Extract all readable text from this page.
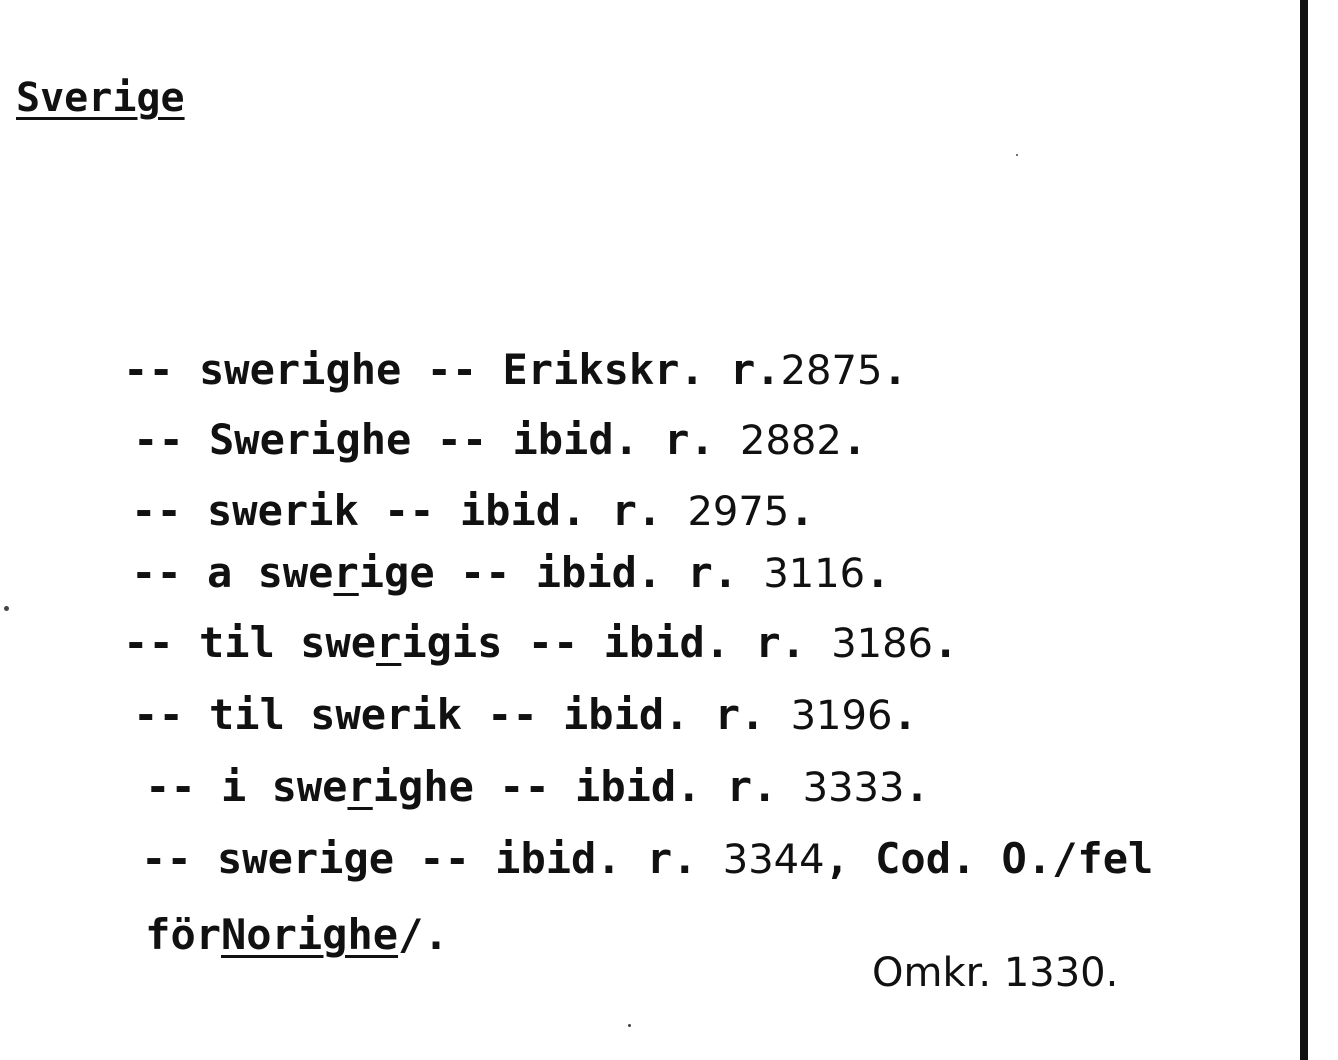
Sverige

-- swerighe -- Erikskr. r.2875.

-- Swerighe -- ibid. r. 2882.

-- swerik -- ibid. r. 2975.

-- a swerige -- ibid. r. 3116.

-- til swerigis -- ibid. r. 3186.

-- til swerik -- ibid. r. 3196.

-- i swerighe -- ibid. r. 3333.

-- swerige -- ibid. r. 3344, Cod. O./fel

förNorighe/.

Omkr. 1330.
